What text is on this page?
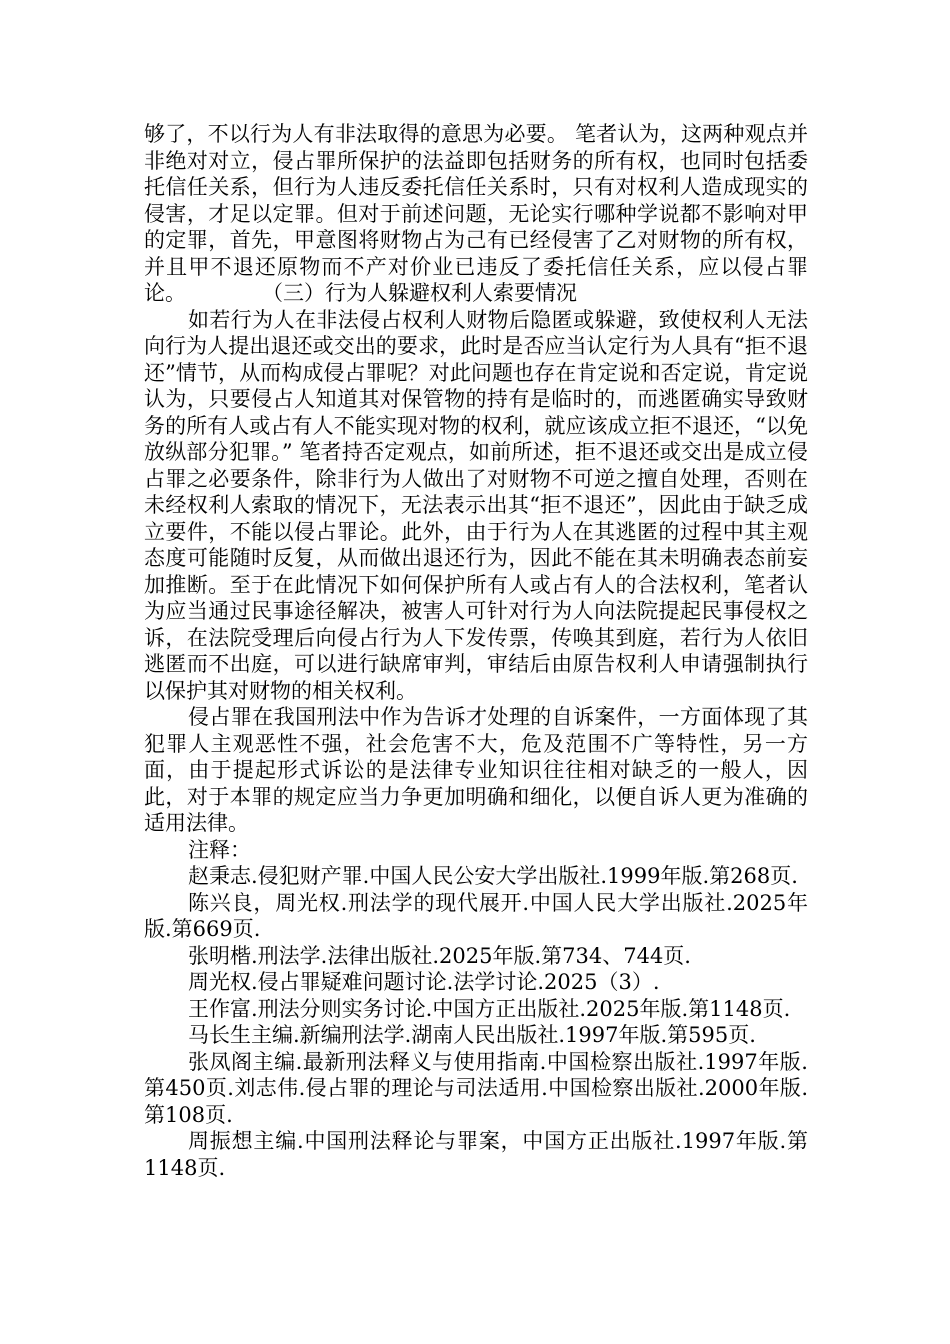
够了，不以行为人有非法取得的意思为必要。 笔者认为，这两种观点并非绝对对立，侵占罪所保护的法益即包括财务的所有权，也同时包括委托信任关系，但行为人违反委托信任关系时，只有对权利人造成现实的侵害，才足以定罪。但对于前述问题，无论实行哪种学说都不影响对甲的定罪，首先，甲意图将财物占为己有已经侵害了乙对财物的所有权，并且甲不退还原物而不产对价业已违反了委托信任关系，应以侵占罪论。	（三）行为人躲避权利人索要情况

如若行为人在非法侵占权利人财物后隐匿或躲避，致使权利人无法向行为人提出退还或交出的要求，此时是否应当认定行为人具有“拒不退还”情节，从而构成侵占罪呢？对此问题也存在肯定说和否定说，肯定说认为，只要侵占人知道其对保管物的持有是临时的，而逃匿确实导致财务的所有人或占有人不能实现对物的权利，就应该成立拒不退还，“以免放纵部分犯罪。” 笔者持否定观点，如前所述，拒不退还或交出是成立侵占罪之必要条件，除非行为人做出了对财物不可逆之擅自处理，否则在未经权利人索取的情况下，无法表示出其“拒不退还”，因此由于缺乏成立要件，不能以侵占罪论。此外，由于行为人在其逃匿的过程中其主观态度可能随时反复，从而做出退还行为，因此不能在其未明确表态前妄加推断。至于在此情况下如何保护所有人或占有人的合法权利，笔者认为应当通过民事途径解决，被害人可针对行为人向法院提起民事侵权之诉，在法院受理后向侵占行为人下发传票，传唤其到庭，若行为人依旧逃匿而不出庭，可以进行缺席审判，审结后由原告权利人申请强制执行以保护其对财物的相关权利。

侵占罪在我国刑法中作为告诉才处理的自诉案件，一方面体现了其犯罪人主观恶性不强，社会危害不大，危及范围不广等特性，另一方面，由于提起形式诉讼的是法律专业知识往往相对缺乏的一般人，因此，对于本罪的规定应当力争更加明确和细化，以便自诉人更为准确的适用法律。

注释：

赵秉志.侵犯财产罪.中国人民公安大学出版社.1999年版.第268页.

陈兴良，周光权.刑法学的现代展开.中国人民大学出版社.2025年版.第669页.

张明楷.刑法学.法律出版社.2025年版.第734、744页.

周光权.侵占罪疑难问题讨论.法学讨论.2025（3）.

王作富.刑法分则实务讨论.中国方正出版社.2025年版.第1148页.

马长生主编.新编刑法学.湖南人民出版社.1997年版.第595页.

张凤阁主编.最新刑法释义与使用指南.中国检察出版社.1997年版.第450页.刘志伟.侵占罪的理论与司法适用.中国检察出版社.2000年版.第108页.

周振想主编.中国刑法释论与罪案，中国方正出版社.1997年版.第1148页.
